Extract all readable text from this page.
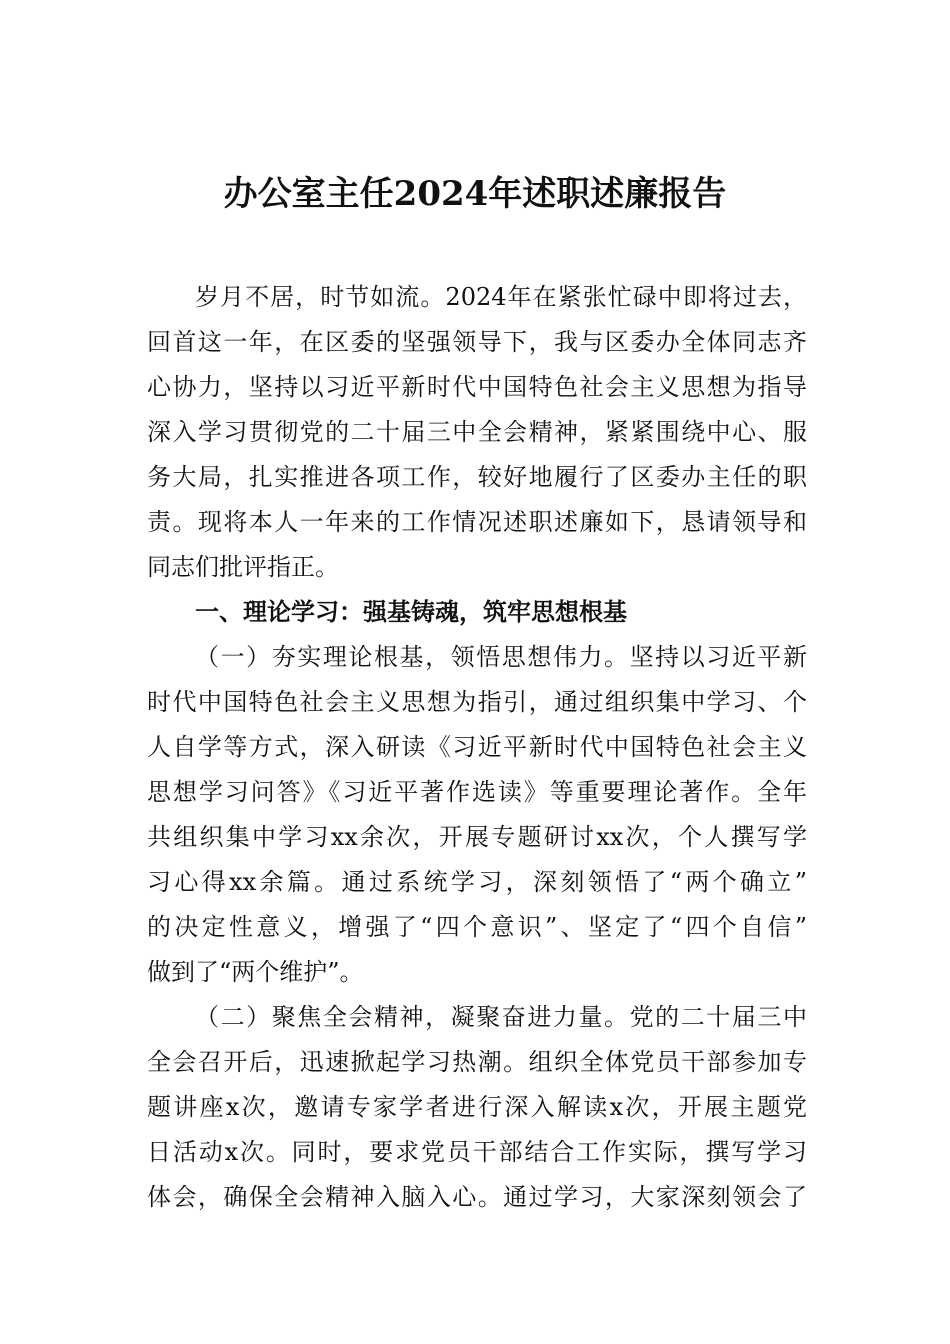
办公室主任2024年述职述廉报告
岁月不居，时节如流。2024年在紧张忙碌中即将过去，
回首这一年，在区委的坚强领导下，我与区委办全体同志齐
心协力，坚持以习近平新时代中国特色社会主义思想为指导
深入学习贯彻党的二十届三中全会精神，紧紧围绕中心、服
务大局，扎实推进各项工作，较好地履行了区委办主任的职
责。现将本人一年来的工作情况述职述廉如下，恳请领导和
同志们批评指正。
一、理论学习：强基铸魂，筑牢思想根基
（一）夯实理论根基，领悟思想伟力。坚持以习近平新
时代中国特色社会主义思想为指引，通过组织集中学习、个
人自学等方式，深入研读《习近平新时代中国特色社会主义
思想学习问答》《习近平著作选读》等重要理论著作。全年
共组织集中学习xx余次，开展专题研讨xx次，个人撰写学
习心得xx余篇。通过系统学习，深刻领悟了“两个确立”
的决定性意义，增强了“四个意识”、坚定了“四个自信”
做到了“两个维护”。
（二）聚焦全会精神，凝聚奋进力量。党的二十届三中
全会召开后，迅速掀起学习热潮。组织全体党员干部参加专
题讲座x次，邀请专家学者进行深入解读x次，开展主题党
日活动x次。同时，要求党员干部结合工作实际，撰写学习
体会，确保全会精神入脑入心。通过学习，大家深刻领会了
